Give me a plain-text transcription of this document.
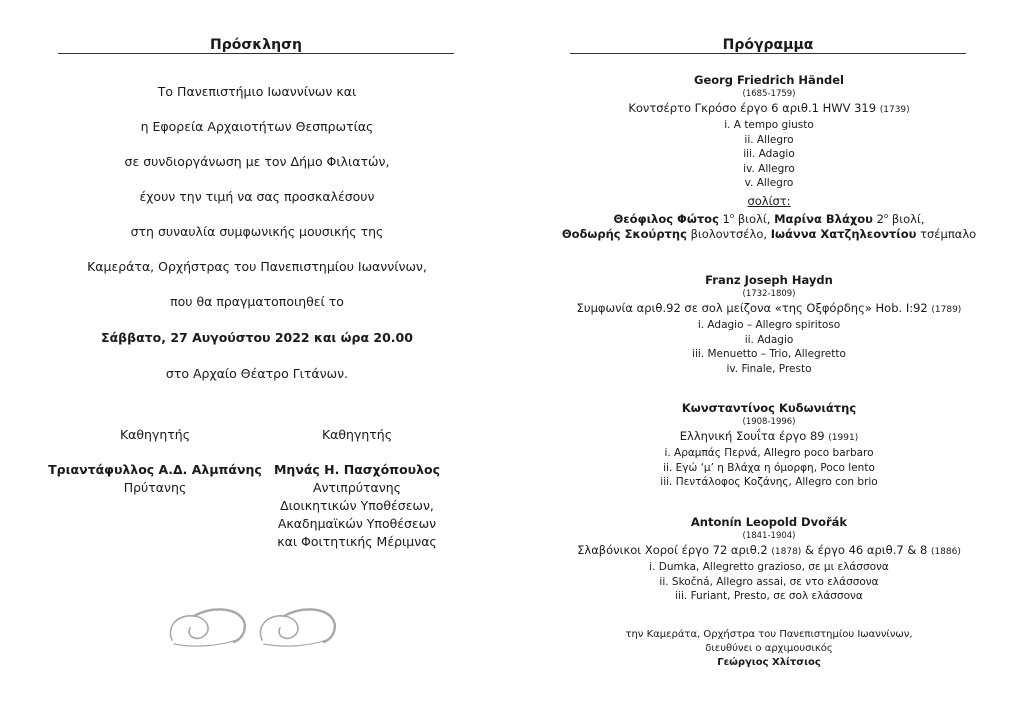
Πρόσκληση
Το Πανεπιστήμιο Ιωαννίνων και
η Εφορεία Αρχαιοτήτων Θεσπρωτίας
σε συνδιοργάνωση με τον Δήμο Φιλιατών,
έχουν την τιμή να σας προσκαλέσουν
στη συναυλία συμφωνικής μουσικής της
Καμεράτα, Ορχήστρας του Πανεπιστημίου Ιωαννίνων,
που θα πραγματοποιηθεί το
Σάββατο, 27 Αυγούστου 2022 και ώρα 20.00
στο Αρχαίο Θέατρο Γιτάνων.
Καθηγητής	Καθηγητής
Τριαντάφυλλος Α.Δ. Αλμπάνης
Πρύτανης
Μηνάς Η. Πασχόπουλος
Αντιπρύτανης
Διοικητικών Υποθέσεων,
Ακαδημαϊκών Υποθέσεων
και Φοιτητικής Μέριμνας
Πρόγραμμα
Georg Friedrich Händel
(1685-1759)
Κοντσέρτο Γκρόσο έργο 6 αριθ.1 HWV 319 (1739)
i. A tempo giusto
ii. Allegro
iii. Adagio
iv. Allegro
v. Allegro
σολίστ:
Θεόφιλος Φώτος $1^o$ βιολί, Μαρίνα Βλάχου $2^o$ βιολί,
Θοδωρής Σκούρτης βιολοντσέλο, Ιωάννα Χατζηλεοντίου τσέμπαλο
Franz Joseph Haydn
(1732-1809)
Συμφωνία αριθ.92 σε σολ μείζονα «της Οξφόρδης» Hob. I:92 (1789)
i. Adagio – Allegro spiritoso
ii. Adagio
iii. Menuetto – Trio, Allegretto
iv. Finale, Presto
Κωνσταντίνος Κυδωνιάτης
(1908-1996)
Ελληνική Σουΐτα έργο 89 (1991)
i. Αραμπάς Περνά, Allegro poco barbaro
ii. Εγώ ‘μ’ η Βλάχα η όμορφη, Poco lento
iii. Πεντάλοφος Κοζάνης, Allegro con brio
Antonín Leopold Dvořák
(1841-1904)
Σλαβόνικοι Χοροί έργο 72 αριθ.2 (1878) & έργο 46 αριθ.7 & 8 (1886)
i. Dumka, Allegretto grazioso, σε μι ελάσσονα
ii. Skočná, Allegro assai, σε ντο ελάσσονα
iii. Furiant, Presto, σε σολ ελάσσονα
την Καμεράτα, Ορχήστρα του Πανεπιστημίου Ιωαννίνων,
διευθύνει ο αρχιμουσικός
Γεώργιος Χλίτσιος
